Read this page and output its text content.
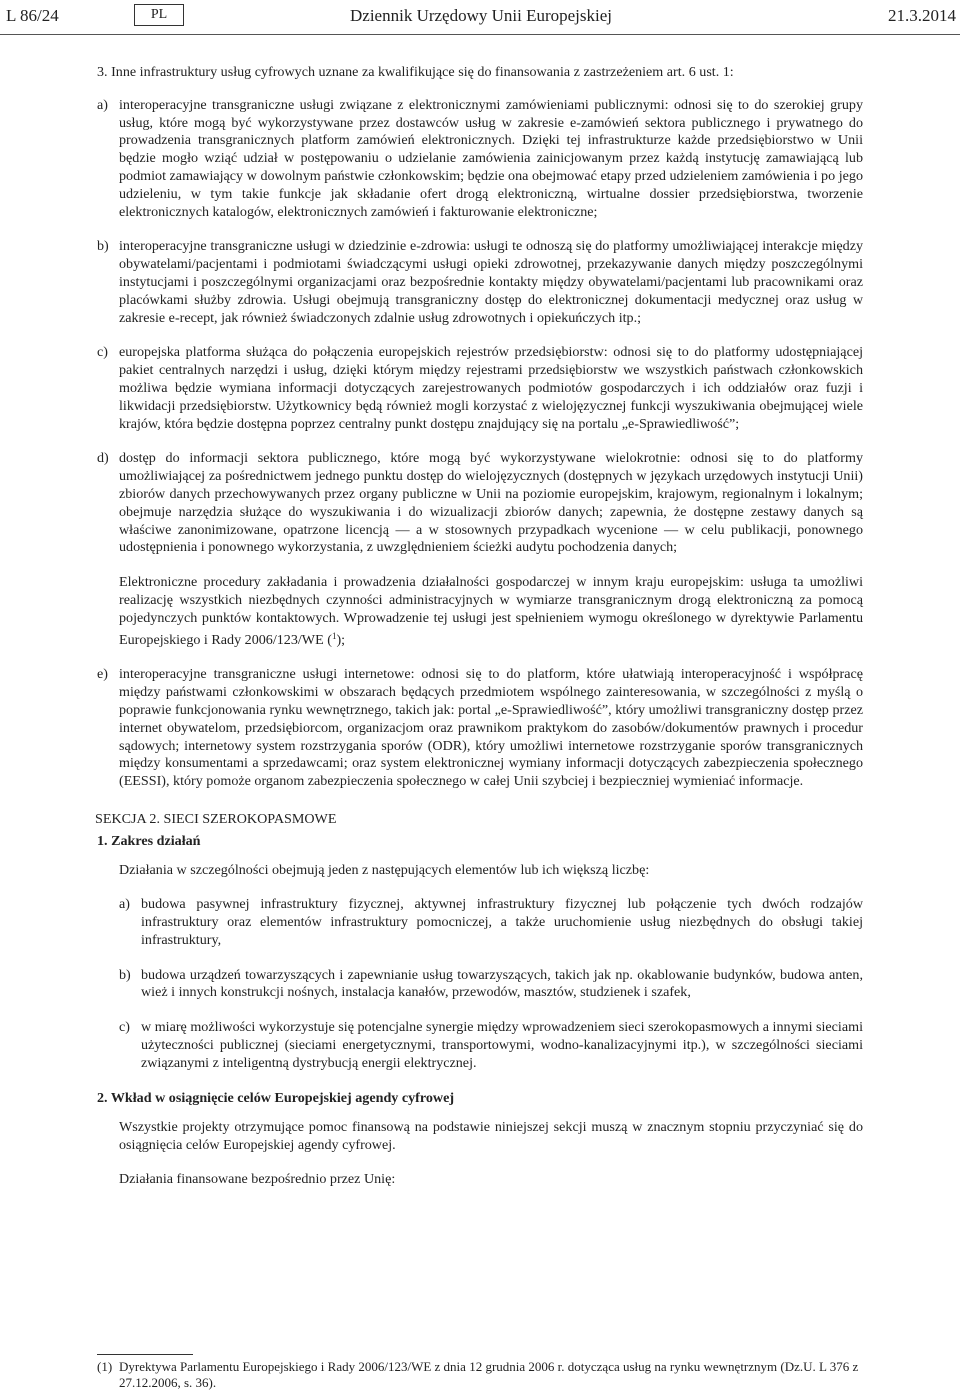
L 86/24	PL	Dziennik Urzędowy Unii Europejskiej	21.3.2014

3. Inne infrastruktury usług cyfrowych uznane za kwalifikujące się do finansowania z zastrzeżeniem art. 6 ust. 1:

a) interoperacyjne transgraniczne usługi związane z elektronicznymi zamówieniami publicznymi: odnosi się to do szerokiej grupy usług, które mogą być wykorzystywane przez dostawców usług w zakresie e-zamówień sektora publicznego i prywatnego do prowadzenia transgranicznych platform zamówień elektronicznych. Dzięki tej infrastrukturze każde przedsiębiorstwo w Unii będzie mogło wziąć udział w postępowaniu o udzielanie zamówienia zainicjowanym przez każdą instytucję zamawiającą lub podmiot zamawiający w dowolnym państwie członkowskim; będzie ona obejmować etapy przed udzieleniem zamówienia i po jego udzieleniu, w tym takie funkcje jak składanie ofert drogą elektroniczną, wirtualne dossier przedsiębiorstwa, tworzenie elektronicznych katalogów, elektronicznych zamówień i fakturowanie elektroniczne;

b) interoperacyjne transgraniczne usługi w dziedzinie e-zdrowia: usługi te odnoszą się do platformy umożliwiającej interakcje między obywatelami/pacjentami i podmiotami świadczącymi usługi opieki zdrowotnej, przekazywanie danych między poszczególnymi instytucjami i poszczególnymi organizacjami oraz bezpośrednie kontakty między obywatelami/pacjentami lub pracownikami oraz placówkami służby zdrowia. Usługi obejmują transgraniczny dostęp do elektronicznej dokumentacji medycznej oraz usług w zakresie e-recept, jak również świadczonych zdalnie usług zdrowotnych i opiekuńczych itp.;

c) europejska platforma służąca do połączenia europejskich rejestrów przedsiębiorstw: odnosi się to do platformy udostępniającej pakiet centralnych narzędzi i usług, dzięki którym między rejestrami przedsiębiorstw we wszystkich państwach członkowskich możliwa będzie wymiana informacji dotyczących zarejestrowanych podmiotów gospodarczych i ich oddziałów oraz fuzji i likwidacji przedsiębiorstw. Użytkownicy będą również mogli korzystać z wielojęzycznej funkcji wyszukiwania obejmującej wiele krajów, która będzie dostępna poprzez centralny punkt dostępu znajdujący się na portalu „e-Sprawiedliwość”;

d) dostęp do informacji sektora publicznego, które mogą być wykorzystywane wielokrotnie: odnosi się to do platformy umożliwiającej za pośrednictwem jednego punktu dostęp do wielojęzycznych (dostępnych w językach urzędowych instytucji Unii) zbiorów danych przechowywanych przez organy publiczne w Unii na poziomie europejskim, krajowym, regionalnym i lokalnym; obejmuje narzędzia służące do wyszukiwania i do wizualizacji zbiorów danych; zapewnia, że dostępne zestawy danych są właściwe zanonimizowane, opatrzone licencją — a w stosownych przypadkach wycenione — w celu publikacji, ponownego udostępnienia i ponownego wykorzystania, z uwzględnieniem ścieżki audytu pochodzenia danych;

Elektroniczne procedury zakładania i prowadzenia działalności gospodarczej w innym kraju europejskim: usługa ta umożliwi realizację wszystkich niezbędnych czynności administracyjnych w wymiarze transgranicznym drogą elektroniczną za pomocą pojedynczych punktów kontaktowych. Wprowadzenie tej usługi jest spełnieniem wymogu określonego w dyrektywie Parlamentu Europejskiego i Rady 2006/123/WE ($^1$);

e) interoperacyjne transgraniczne usługi internetowe: odnosi się to do platform, które ułatwiają interoperacyjność i współpracę między państwami członkowskimi w obszarach będących przedmiotem wspólnego zainteresowania, w szczególności z myślą o poprawie funkcjonowania rynku wewnętrznego, takich jak: portal „e-Sprawiedliwość”, który umożliwi transgraniczny dostęp przez internet obywatelom, przedsiębiorcom, organizacjom oraz prawnikom praktykom do zasobów/dokumentów prawnych i procedur sądowych; internetowy system rozstrzygania sporów (ODR), który umożliwi internetowe rozstrzyganie sporów transgranicznych między konsumentami a sprzedawcami; oraz system elektronicznej wymiany informacji dotyczących zabezpieczenia społecznego (EESSI), który pomoże organom zabezpieczenia społecznego w całej Unii szybciej i bezpieczniej wymieniać informacje.

SEKCJA 2. SIECI SZEROKOPASMOWE

1. Zakres działań

Działania w szczególności obejmują jeden z następujących elementów lub ich większą liczbę:

a) budowa pasywnej infrastruktury fizycznej, aktywnej infrastruktury fizycznej lub połączenie tych dwóch rodzajów infrastruktury oraz elementów infrastruktury pomocniczej, a także uruchomienie usług niezbędnych do obsługi takiej infrastruktury,

b) budowa urządzeń towarzyszących i zapewnianie usług towarzyszących, takich jak np. okablowanie budynków, budowa anten, wież i innych konstrukcji nośnych, instalacja kanałów, przewodów, masztów, studzienek i szafek,

c) w miarę możliwości wykorzystuje się potencjalne synergie między wprowadzeniem sieci szerokopasmowych a innymi sieciami użyteczności publicznej (sieciami energetycznymi, transportowymi, wodno-kanalizacyjnymi itp.), w szczególności sieciami związanymi z inteligentną dystrybucją energii elektrycznej.

2. Wkład w osiągnięcie celów Europejskiej agendy cyfrowej

Wszystkie projekty otrzymujące pomoc finansową na podstawie niniejszej sekcji muszą w znacznym stopniu przyczyniać się do osiągnięcia celów Europejskiej agendy cyfrowej.

Działania finansowane bezpośrednio przez Unię:

(1) Dyrektywa Parlamentu Europejskiego i Rady 2006/123/WE z dnia 12 grudnia 2006 r. dotycząca usług na rynku wewnętrznym (Dz.U. L 376 z 27.12.2006, s. 36).
